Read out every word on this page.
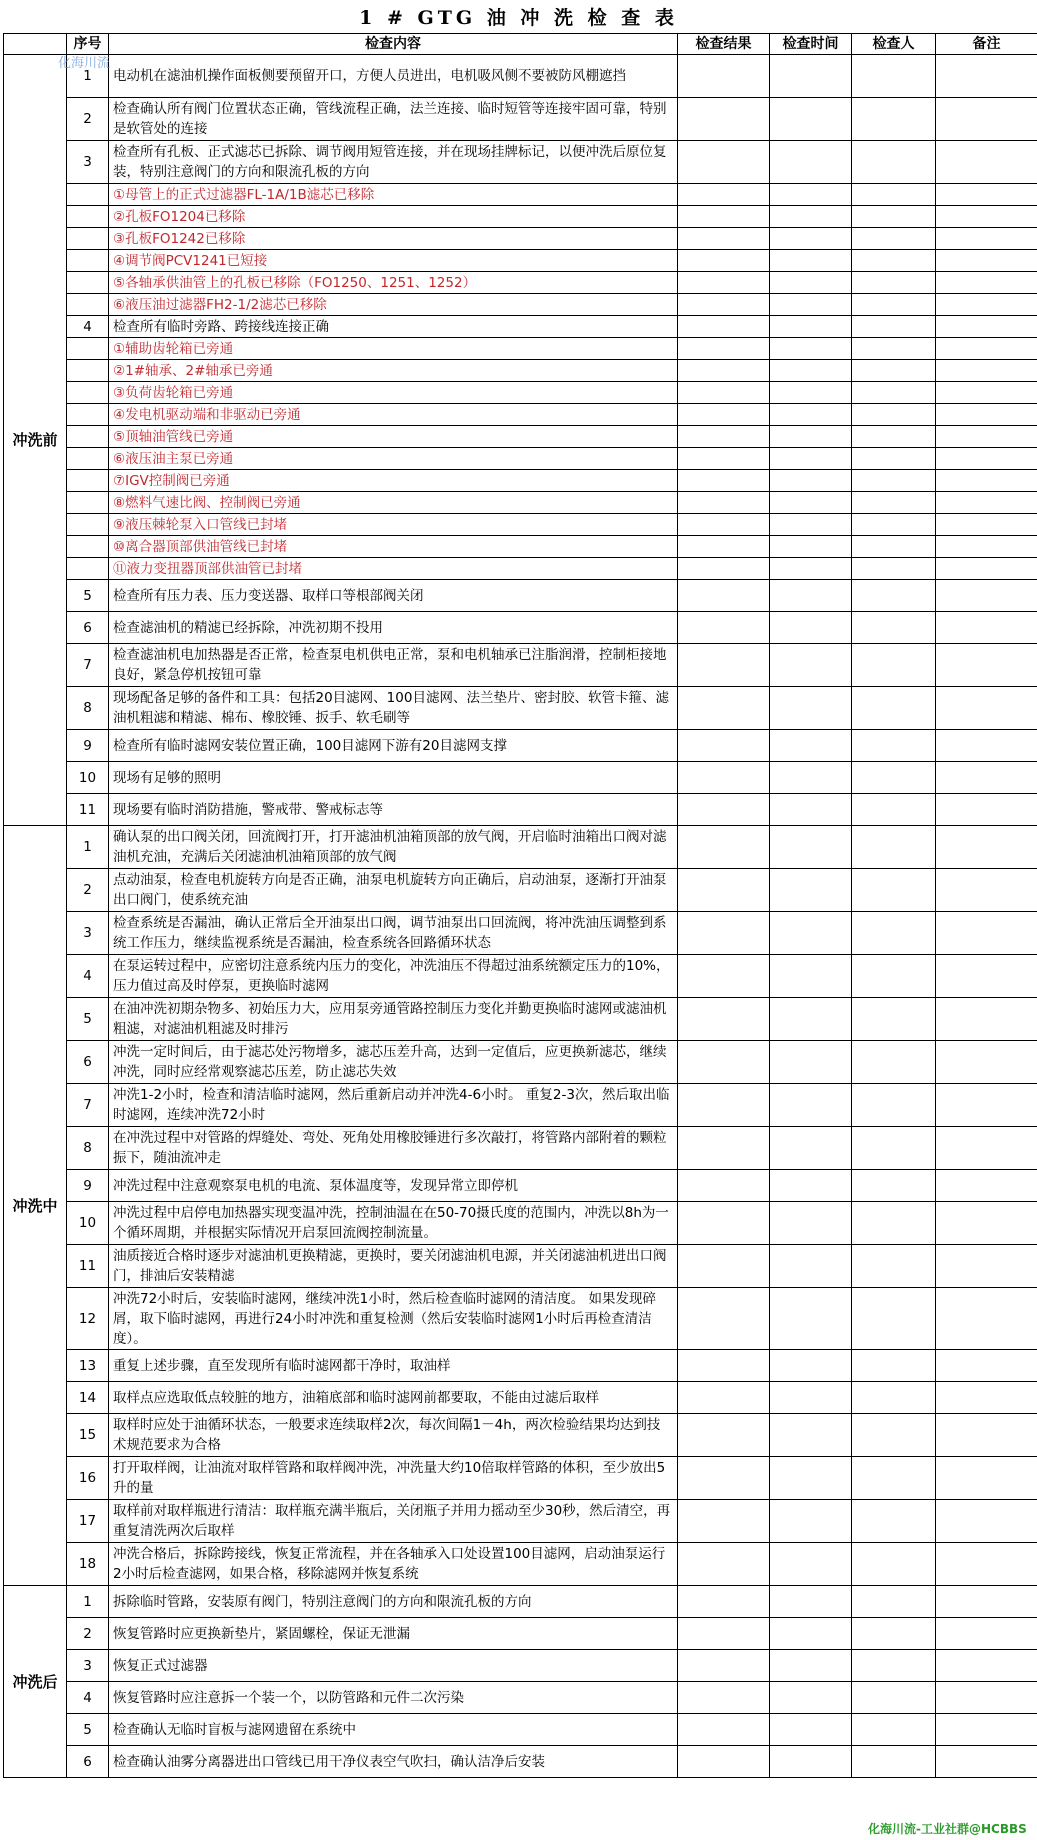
1 # GTG 油 冲 洗 检 查 表
	序号	检查内容	检查结果	检查时间	检查人	备注
冲洗前	1	电动机在滤油机操作面板侧要预留开口，方便人员进出，电机吸风侧不要被防风棚遮挡				
	2	检查确认所有阀门位置状态正确，管线流程正确，法兰连接、临时短管等连接牢固可靠，特别是软管处的连接				
	3	检查所有孔板、正式滤芯已拆除、调节阀用短管连接，并在现场挂牌标记，以便冲洗后原位复装，特别注意阀门的方向和限流孔板的方向				
		①母管上的正式过滤器FL-1A/1B滤芯已移除				
		②孔板FO1204已移除				
		③孔板FO1242已移除				
		④调节阀PCV1241已短接				
		⑤各轴承供油管上的孔板已移除（FO1250、1251、1252）				
		⑥液压油过滤器FH2-1/2滤芯已移除				
	4	检查所有临时旁路、跨接线连接正确				
		①辅助齿轮箱已旁通				
		②1#轴承、2#轴承已旁通				
		③负荷齿轮箱已旁通				
		④发电机驱动端和非驱动已旁通				
		⑤顶轴油管线已旁通				
		⑥液压油主泵已旁通				
		⑦IGV控制阀已旁通				
		⑧燃料气速比阀、控制阀已旁通				
		⑨液压棘轮泵入口管线已封堵				
		⑩离合器顶部供油管线已封堵				
		⑪液力变扭器顶部供油管已封堵				
	5	检查所有压力表、压力变送器、取样口等根部阀关闭				
	6	检查滤油机的精滤已经拆除，冲洗初期不投用				
	7	检查滤油机电加热器是否正常，检查泵电机供电正常，泵和电机轴承已注脂润滑，控制柜接地良好，紧急停机按钮可靠				
	8	现场配备足够的备件和工具：包括20目滤网、100目滤网、法兰垫片、密封胶、软管卡箍、滤油机粗滤和精滤、棉布、橡胶锤、扳手、软毛刷等				
	9	检查所有临时滤网安装位置正确，100目滤网下游有20目滤网支撑				
	10	现场有足够的照明				
	11	现场要有临时消防措施，警戒带、警戒标志等				
冲洗中	1	确认泵的出口阀关闭，回流阀打开，打开滤油机油箱顶部的放气阀，开启临时油箱出口阀对滤油机充油，充满后关闭滤油机油箱顶部的放气阀				
	2	点动油泵，检查电机旋转方向是否正确，油泵电机旋转方向正确后，启动油泵，逐渐打开油泵出口阀门，使系统充油				
	3	检查系统是否漏油，确认正常后全开油泵出口阀，调节油泵出口回流阀，将冲洗油压调整到系统工作压力，继续监视系统是否漏油，检查系统各回路循环状态				
	4	在泵运转过程中，应密切注意系统内压力的变化，冲洗油压不得超过油系统额定压力的10%，压力值过高及时停泵，更换临时滤网				
	5	在油冲洗初期杂物多、初始压力大，应用泵旁通管路控制压力变化并勤更换临时滤网或滤油机粗滤，对滤油机粗滤及时排污				
	6	冲洗一定时间后，由于滤芯处污物增多，滤芯压差升高，达到一定值后，应更换新滤芯，继续冲洗，同时应经常观察滤芯压差，防止滤芯失效				
	7	冲洗1-2小时，检查和清洁临时滤网，然后重新启动并冲洗4-6小时。 重复2-3次，然后取出临时滤网，连续冲洗72小时				
	8	在冲洗过程中对管路的焊缝处、弯处、死角处用橡胶锤进行多次敲打，将管路内部附着的颗粒振下，随油流冲走				
	9	冲洗过程中注意观察泵电机的电流、泵体温度等，发现异常立即停机				
	10	冲洗过程中启停电加热器实现变温冲洗，控制油温在在50-70摄氏度的范围内，冲洗以8h为一个循环周期，并根据实际情况开启泵回流阀控制流量。				
	11	油质接近合格时逐步对滤油机更换精滤，更换时，要关闭滤油机电源，并关闭滤油机进出口阀门，排油后安装精滤				
	12	冲洗72小时后，安装临时滤网，继续冲洗1小时，然后检查临时滤网的清洁度。 如果发现碎屑，取下临时滤网，再进行24小时冲洗和重复检测（然后安装临时滤网1小时后再检查清洁度）。				
	13	重复上述步骤，直至发现所有临时滤网都干净时，取油样				
	14	取样点应选取低点较脏的地方，油箱底部和临时滤网前都要取，不能由过滤后取样				
	15	取样时应处于油循环状态，一般要求连续取样2次，每次间隔1－4h，两次检验结果均达到技术规范要求为合格				
	16	打开取样阀，让油流对取样管路和取样阀冲洗，冲洗量大约10倍取样管路的体积，至少放出5升的量				
	17	取样前对取样瓶进行清洁：取样瓶充满半瓶后，关闭瓶子并用力摇动至少30秒，然后清空，再重复清洗两次后取样				
	18	冲洗合格后，拆除跨接线，恢复正常流程，并在各轴承入口处设置100目滤网，启动油泵运行2小时后检查滤网，如果合格，移除滤网并恢复系统				
冲洗后	1	拆除临时管路，安装原有阀门，特别注意阀门的方向和限流孔板的方向				
	2	恢复管路时应更换新垫片，紧固螺栓，保证无泄漏				
	3	恢复正式过滤器				
	4	恢复管路时应注意拆一个装一个，以防管路和元件二次污染				
	5	检查确认无临时盲板与滤网遗留在系统中				
	6	检查确认油雾分离器进出口管线已用干净仪表空气吹扫，确认洁净后安装				
化海川流
化海川流-工业社群@HCBBS
